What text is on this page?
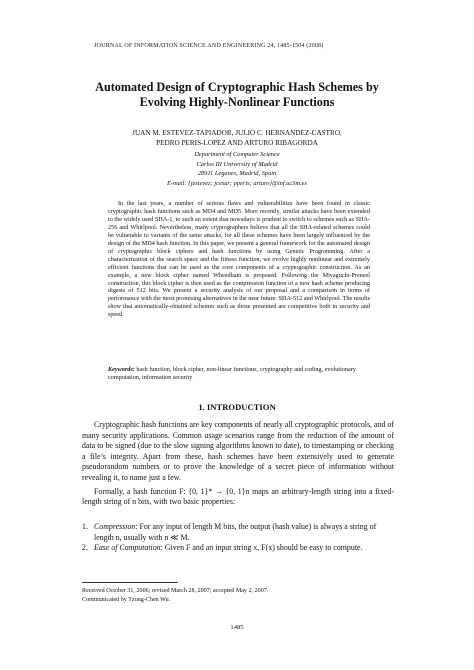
JOURNAL OF INFORMATION SCIENCE AND ENGINEERING 24, 1485-1504 (2008)
Automated Design of Cryptographic Hash Schemes by
Evolving Highly-Nonlinear Functions
JUAN M. ESTEVEZ-TAPIADOR, JULIO C. HERNANDEZ-CASTRO,
PEDRO PERIS-LOPEZ AND ARTURO RIBAGORDA
Department of Computer Science
Carlos III University of Madrid
28911 Leganes, Madrid, Spain
E-mail: {jestevez; jcesar; pperis; arturo}@inf.uc3m.es

In the last years, a number of serious flaws and vulnerabilities have been found in classic cryptographic hash functions such as MD4 and MD5. More recently, similar attacks have been extended to the widely used SHA-1, to such an extent that nowadays is prudent to switch to schemes such as SHA-256 and Whirlpool. Nevertheless, many cryptographers believe that all the SHA-related schemes could be vulnerable to variants of the same attacks, for all these schemes have been largely influenced by the design of the MD4 hash function. In this paper, we present a general framework for the automated design of cryptographic block ciphers and hash functions by using Genetic Programming. After a characterization of the search space and the fitness function, we evolve highly nonlinear and extremely efficient functions that can be used as the core components of a cryptographic construction. As an example, a new block cipher named Wheedham is proposed. Following the Miyaguchi-Preneel construction, this block cipher is then used as the compression function of a new hash scheme producing digests of 512 bits. We present a security analysis of our proposal and a comparison in terms of performance with the most promising alternatives in the near future: SHA-512 and Whirlpool. The results show that automatically-obtained schemes such as those presented are competitive both in security and speed.

Keywords: hash function, block cipher, non-linear functions, cryptography and coding, evolutionary computation, information security
1. INTRODUCTION

Cryptographic hash functions are key components of nearly all cryptographic protocols, and of many security applications. Common usage scenarios range from the reduction of the amount of data to be signed (due to the slow signing algorithms known to date), to timestamping or checking a file’s integrity. Apart from these, hash schemes have been extensively used to generate pseudorandom numbers or to prove the knowledge of a secret piece of information without revealing it, to name just a few.

Formally, a hash function F: {0, 1}* → {0, 1}n maps an arbitrary-length string into a fixed-length string of n bits, with two basic properties:

1. Compression: For any input of length M bits, the output (hash value) is always a string of length n, usually with n ≪ M.
2. Ease of Computation: Given F and an input string x, F(x) should be easy to compute.
Received October 31, 2006; revised March 28, 2007; accepted May 2, 2007.
Communicated by Tzong-Chen Wu.
1485
